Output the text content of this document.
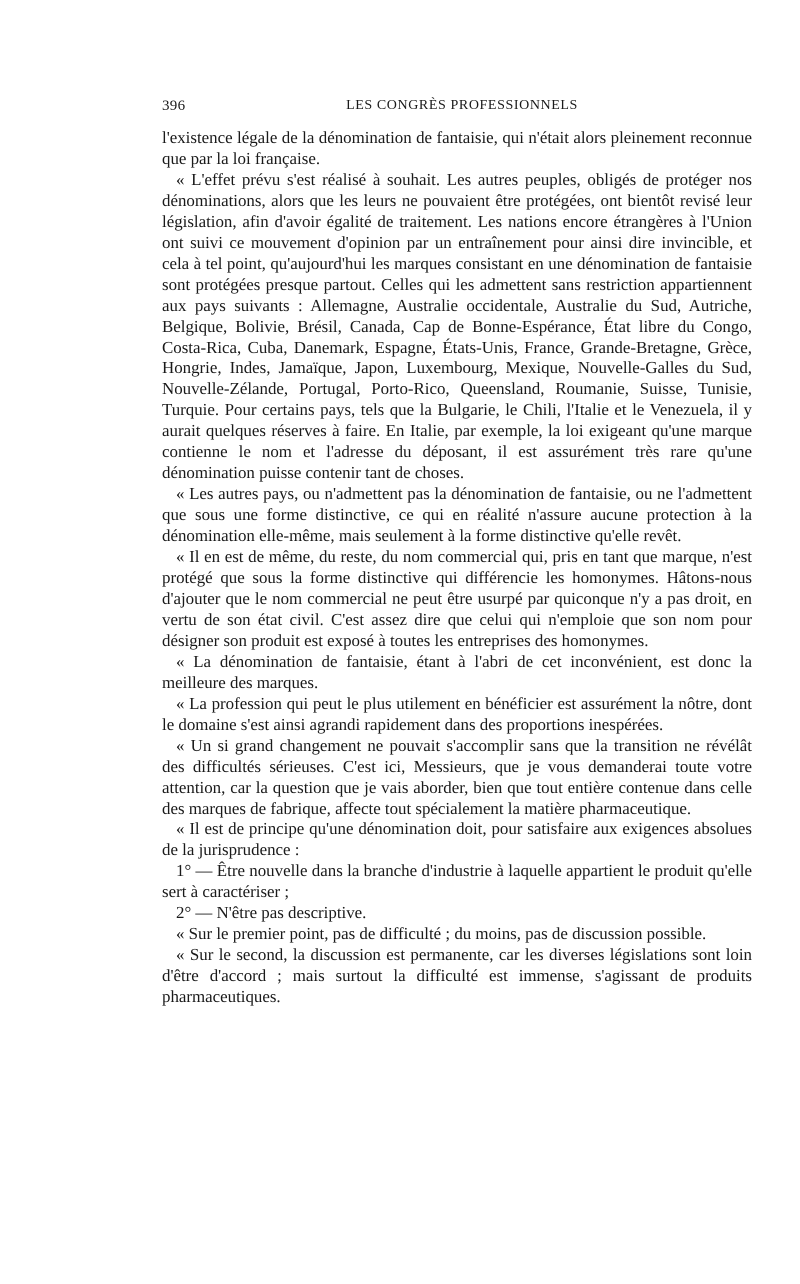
396	LES CONGRÈS PROFESSIONNELS

l'existence légale de la dénomination de fantaisie, qui n'était alors pleinement reconnue que par la loi française.

« L'effet prévu s'est réalisé à souhait. Les autres peuples, obligés de protéger nos dénominations, alors que les leurs ne pouvaient être protégées, ont bientôt revisé leur législation, afin d'avoir égalité de traitement. Les nations encore étrangères à l'Union ont suivi ce mouvement d'opinion par un entraînement pour ainsi dire invincible, et cela à tel point, qu'aujourd'hui les marques consistant en une dénomination de fantaisie sont protégées presque partout. Celles qui les admettent sans restriction appartiennent aux pays suivants : Allemagne, Australie occidentale, Australie du Sud, Autriche, Belgique, Bolivie, Brésil, Canada, Cap de Bonne-Espérance, État libre du Congo, Costa-Rica, Cuba, Danemark, Espagne, États-Unis, France, Grande-Bretagne, Grèce, Hongrie, Indes, Jamaïque, Japon, Luxembourg, Mexique, Nouvelle-Galles du Sud, Nouvelle-Zélande, Portugal, Porto-Rico, Queensland, Roumanie, Suisse, Tunisie, Turquie. Pour certains pays, tels que la Bulgarie, le Chili, l'Italie et le Venezuela, il y aurait quelques réserves à faire. En Italie, par exemple, la loi exigeant qu'une marque contienne le nom et l'adresse du déposant, il est assurément très rare qu'une dénomination puisse contenir tant de choses.

« Les autres pays, ou n'admettent pas la dénomination de fantaisie, ou ne l'admettent que sous une forme distinctive, ce qui en réalité n'assure aucune protection à la dénomination elle-même, mais seulement à la forme distinctive qu'elle revêt.

« Il en est de même, du reste, du nom commercial qui, pris en tant que marque, n'est protégé que sous la forme distinctive qui différencie les homonymes. Hâtons-nous d'ajouter que le nom commercial ne peut être usurpé par quiconque n'y a pas droit, en vertu de son état civil. C'est assez dire que celui qui n'emploie que son nom pour désigner son produit est exposé à toutes les entreprises des homonymes.

« La dénomination de fantaisie, étant à l'abri de cet inconvénient, est donc la meilleure des marques.

« La profession qui peut le plus utilement en bénéficier est assurément la nôtre, dont le domaine s'est ainsi agrandi rapidement dans des proportions inespérées.

« Un si grand changement ne pouvait s'accomplir sans que la transition ne révélât des difficultés sérieuses. C'est ici, Messieurs, que je vous demanderai toute votre attention, car la question que je vais aborder, bien que tout entière contenue dans celle des marques de fabrique, affecte tout spécialement la matière pharmaceutique.

« Il est de principe qu'une dénomination doit, pour satisfaire aux exigences absolues de la jurisprudence :

1° — Être nouvelle dans la branche d'industrie à laquelle appartient le produit qu'elle sert à caractériser ;

2° — N'être pas descriptive.

« Sur le premier point, pas de difficulté ; du moins, pas de discussion possible.

« Sur le second, la discussion est permanente, car les diverses législations sont loin d'être d'accord ; mais surtout la difficulté est immense, s'agissant de produits pharmaceutiques.
